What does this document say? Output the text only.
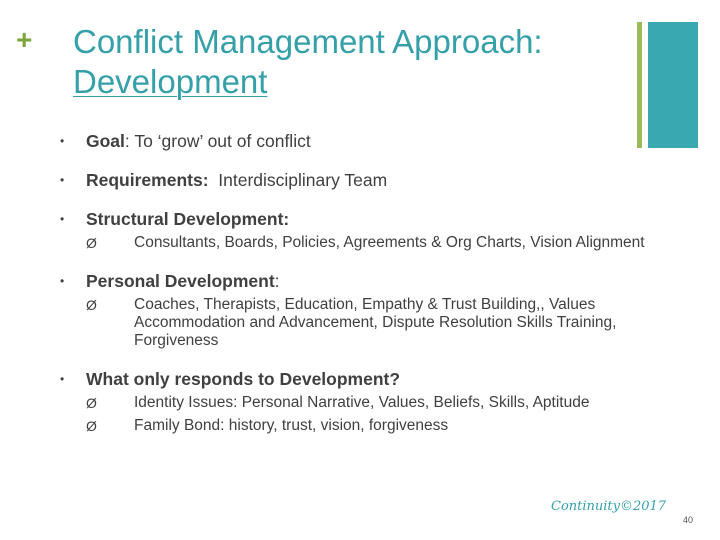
+ Conflict Management Approach:
Development
• Goal: To ‘grow’ out of conflict
• Requirements:  Interdisciplinary Team
• Structural Development:
Ø Consultants, Boards, Policies, Agreements & Org Charts, Vision Alignment
• Personal Development:
Ø Coaches, Therapists, Education, Empathy & Trust Building,, Values Accommodation and Advancement, Dispute Resolution Skills Training, Forgiveness
• What only responds to Development?
Ø Identity Issues: Personal Narrative, Values, Beliefs, Skills, Aptitude
Ø Family Bond: history, trust, vision, forgiveness
Continuity©2017
40
